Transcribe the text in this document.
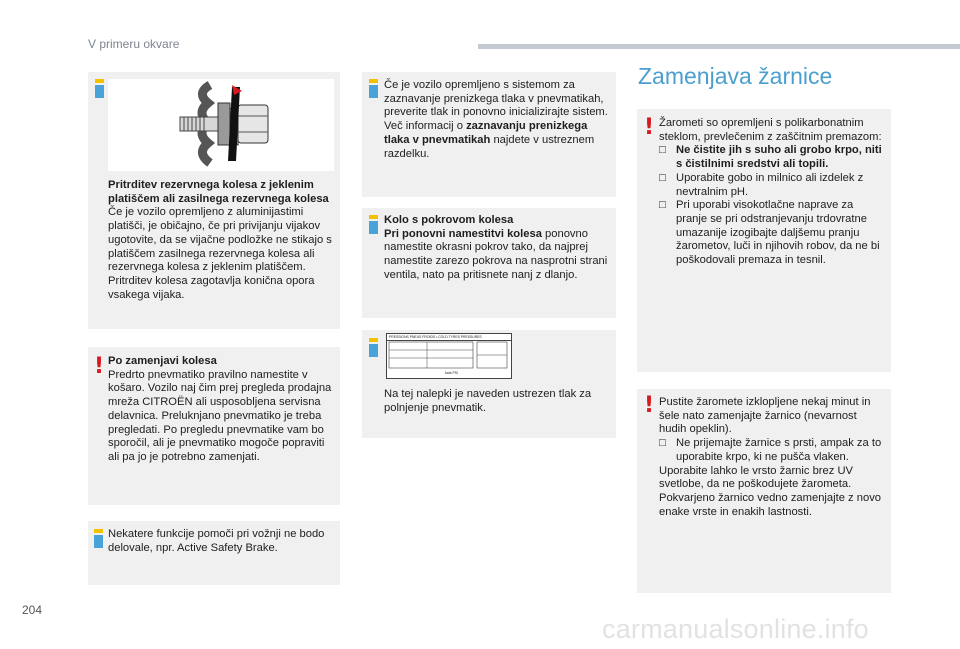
V primeru okvare
Pritrditev rezervnega kolesa z jeklenim platiščem ali zasilnega rezervnega kolesa
Če je vozilo opremljeno z aluminijastimi platišči, je običajno, če pri privijanju vijakov ugotovite, da se vijačne podložke ne stikajo s platiščem zasilnega rezervnega kolesa ali rezervnega kolesa z jeklenim platiščem. Pritrditev kolesa zagotavlja konična opora vsakega vijaka.
! Po zamenjavi kolesa
Predrto pnevmatiko pravilno namestite v košaro. Vozilo naj čim prej pregleda prodajna mreža CITROËN ali usposobljena servisna delavnica. Preluknjano pnevmatiko je treba pregledati. Po pregledu pnevmatike vam bo sporočil, ali je pnevmatiko mogoče popraviti ali pa jo je potrebno zamenjati.
Nekatere funkcije pomoči pri vožnji ne bodo delovale, npr. Active Safety Brake.
Če je vozilo opremljeno s sistemom za zaznavanje prenizkega tlaka v pnevmatikah, preverite tlak in ponovno inicializirajte sistem. Več informacij o zaznavanju prenizkega tlaka v pnevmatikah najdete v ustreznem razdelku.
Kolo s pokrovom kolesa
Pri ponovni namestitvi kolesa ponovno namestite okrasni pokrov tako, da najprej namestite zarezo pokrova na nasprotni strani ventila, nato pa pritisnete nanj z dlanjo.
PRESSIONS PNEUS FROIDS • COLD TYRES PRESSURES
bars PSI
Na tej nalepki je naveden ustrezen tlak za polnjenje pnevmatik.
Zamenjava žarnice
! Žarometi so opremljeni s polikarbonatnim steklom, prevlečenim z zaščitnim premazom:
□ Ne čistite jih s suho ali grobo krpo, niti s čistilnimi sredstvi ali topili.
□ Uporabite gobo in milnico ali izdelek z nevtralnim pH.
□ Pri uporabi visokotlačne naprave za pranje se pri odstranjevanju trdovratne umazanije izogibajte daljšemu pranju žarometov, luči in njihovih robov, da ne bi poškodovali premaza in tesnil.
! Pustite žaromete izklopljene nekaj minut in šele nato zamenjajte žarnico (nevarnost hudih opeklin).
□ Ne prijemajte žarnice s prsti, ampak za to uporabite krpo, ki ne pušča vlaken.
Uporabite lahko le vrsto žarnic brez UV svetlobe, da ne poškodujete žarometa. Pokvarjeno žarnico vedno zamenjajte z novo enake vrste in enakih lastnosti.
204
carmanualsonline.info
